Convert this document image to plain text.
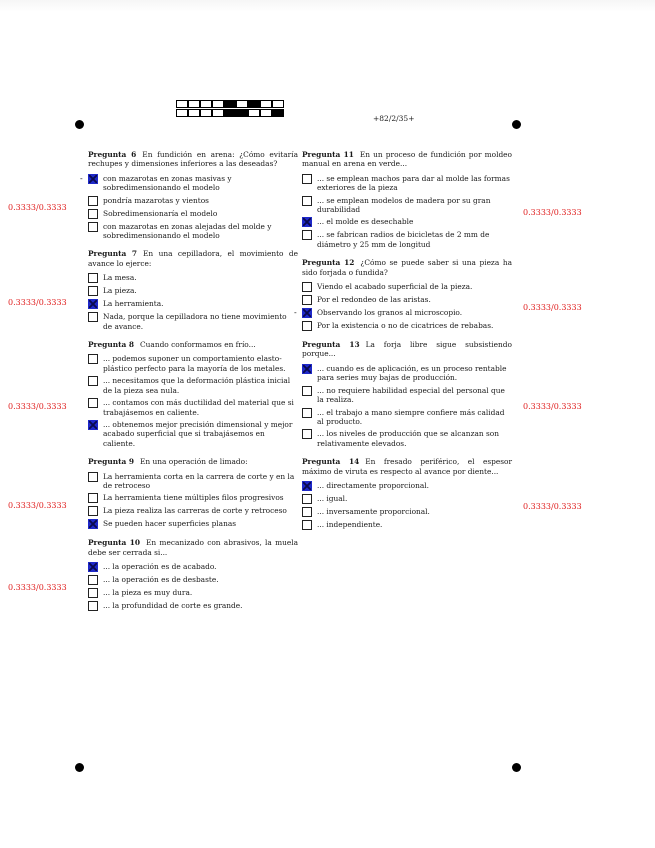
+82/2/35+
Pregunta 6 En fundición en arena: ¿Cómo evitaría rechupes y dimensiones inferiores a las deseadas?
-	con mazarotas en zonas masivas y sobredimensionando el modelo
pondría mazarotas y vientos
Sobredimensionaría el modelo
con mazarotas en zonas alejadas del molde y sobredimensionando el modelo
Pregunta 7 En una cepilladora, el movimiento de avance lo ejerce:
La mesa.
La pieza.
La herramienta.
Nada, porque la cepilladora no tiene movimiento de avance.
Pregunta 8 Cuando conformamos en frío...
... podemos suponer un comportamiento elasto-plástico perfecto para la mayoría de los metales.
... necesitamos que la deformación plástica inicial de la pieza sea nula.
... contamos con más ductilidad del material que si trabajásemos en caliente.
... obtenemos mejor precisión dimensional y mejor acabado superficial que si trabajásemos en caliente.
Pregunta 9 En una operación de limado:
La herramienta corta en la carrera de corte y en la de retroceso
La herramienta tiene múltiples filos progresivos
La pieza realiza las carreras de corte y retroceso
Se pueden hacer superficies planas
Pregunta 10 En mecanizado con abrasivos, la muela debe ser cerrada si...
... la operación es de acabado.
... la operación es de desbaste.
... la pieza es muy dura.
... la profundidad de corte es grande.
Pregunta 11 En un proceso de fundición por moldeo manual en arena en verde...
... se emplean machos para dar al molde las formas exteriores de la pieza
... se emplean modelos de madera por su gran durabilidad
... el molde es desechable
... se fabrican radios de bicicletas de 2 mm de diámetro y 25 mm de longitud
Pregunta 12 ¿Cómo se puede saber si una pieza ha sido forjada o fundida?
Viendo el acabado superficial de la pieza.
Por el redondeo de las aristas.
-	Observando los granos al microscopio.
Por la existencia o no de cicatrices de rebabas.
Pregunta 13 La forja libre sigue subsistiendo porque...
... cuando es de aplicación, es un proceso rentable para series muy bajas de producción.
... no requiere habilidad especial del personal que la realiza.
... el trabajo a mano siempre confiere más calidad al producto.
... los niveles de producción que se alcanzan son relativamente elevados.
Pregunta 14 En fresado periférico, el espesor máximo de viruta es respecto al avance por diente...
... directamente proporcional.
... igual.
... inversamente proporcional.
... independiente.
0.3333/0.3333
0.3333/0.3333
0.3333/0.3333
0.3333/0.3333
0.3333/0.3333
0.3333/0.3333
0.3333/0.3333
0.3333/0.3333
0.3333/0.3333
